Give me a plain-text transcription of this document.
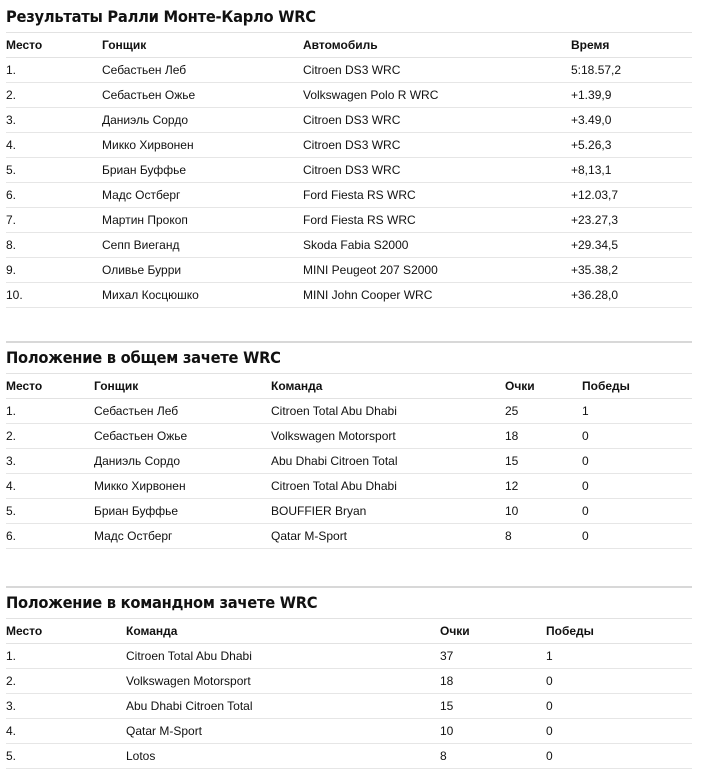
Результаты Ралли Монте-Карло WRC
Место	Гонщик	Автомобиль	Время
1.	Себастьен Леб	Citroen DS3 WRC	5:18.57,2
2.	Себастьен Ожье	Volkswagen Polo R WRC	+1.39,9
3.	Даниэль Сордо	Citroen DS3 WRC	+3.49,0
4.	Микко Хирвонен	Citroen DS3 WRC	+5.26,3
5.	Бриан Буффье	Citroen DS3 WRC	+8,13,1
6.	Мадс Остберг	Ford Fiesta RS WRC	+12.03,7
7.	Мартин Прокоп	Ford Fiesta RS WRC	+23.27,3
8.	Сепп Виеганд	Skoda Fabia S2000	+29.34,5
9.	Оливье Бурри	MINI Peugeot 207 S2000	+35.38,2
10.	Михал Косцюшко	MINI John Cooper WRC	+36.28,0
Положение в общем зачете WRC
Место	Гонщик	Команда	Очки	Победы
1.	Себастьен Леб	Citroen Total Abu Dhabi	25	1
2.	Себастьен Ожье	Volkswagen Motorsport	18	0
3.	Даниэль Сордо	Abu Dhabi Citroen Total	15	0
4.	Микко Хирвонен	Citroen Total Abu Dhabi	12	0
5.	Бриан Буффье	BOUFFIER Bryan	10	0
6.	Мадс Остберг	Qatar M-Sport	8	0
Положение в командном зачете WRC
Место	Команда	Очки	Победы
1.	Citroen Total Abu Dhabi	37	1
2.	Volkswagen Motorsport	18	0
3.	Abu Dhabi Citroen Total	15	0
4.	Qatar M-Sport	10	0
5.	Lotos	8	0
